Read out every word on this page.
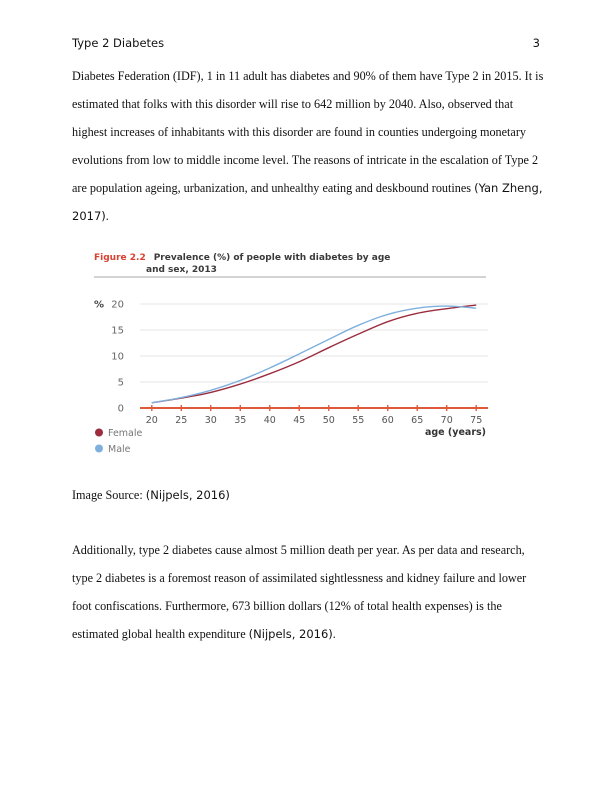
Type 2 Diabetes	3

Diabetes Federation (IDF), 1 in 11 adult has diabetes and 90% of them have Type 2 in 2015. It is estimated that folks with this disorder will rise to 642 million by 2040. Also, observed that highest increases of inhabitants with this disorder are found in counties undergoing monetary evolutions from low to middle income level. The reasons of intricate in the escalation of Type 2 are population ageing, urbanization, and unhealthy eating and deskbound routines (Yan Zheng, 2017).

Figure 2.2 Prevalence (%) of people with diabetes by age
and sex, 2013
0
5
10
15
20
%
20 25 30 35 40 45 50 55 60 65 70 75
age (years)
Female
Male

Image Source: (Nijpels, 2016)

Additionally, type 2 diabetes cause almost 5 million death per year. As per data and research, type 2 diabetes is a foremost reason of assimilated sightlessness and kidney failure and lower foot confiscations. Furthermore, 673 billion dollars (12% of total health expenses) is the estimated global health expenditure (Nijpels, 2016).
